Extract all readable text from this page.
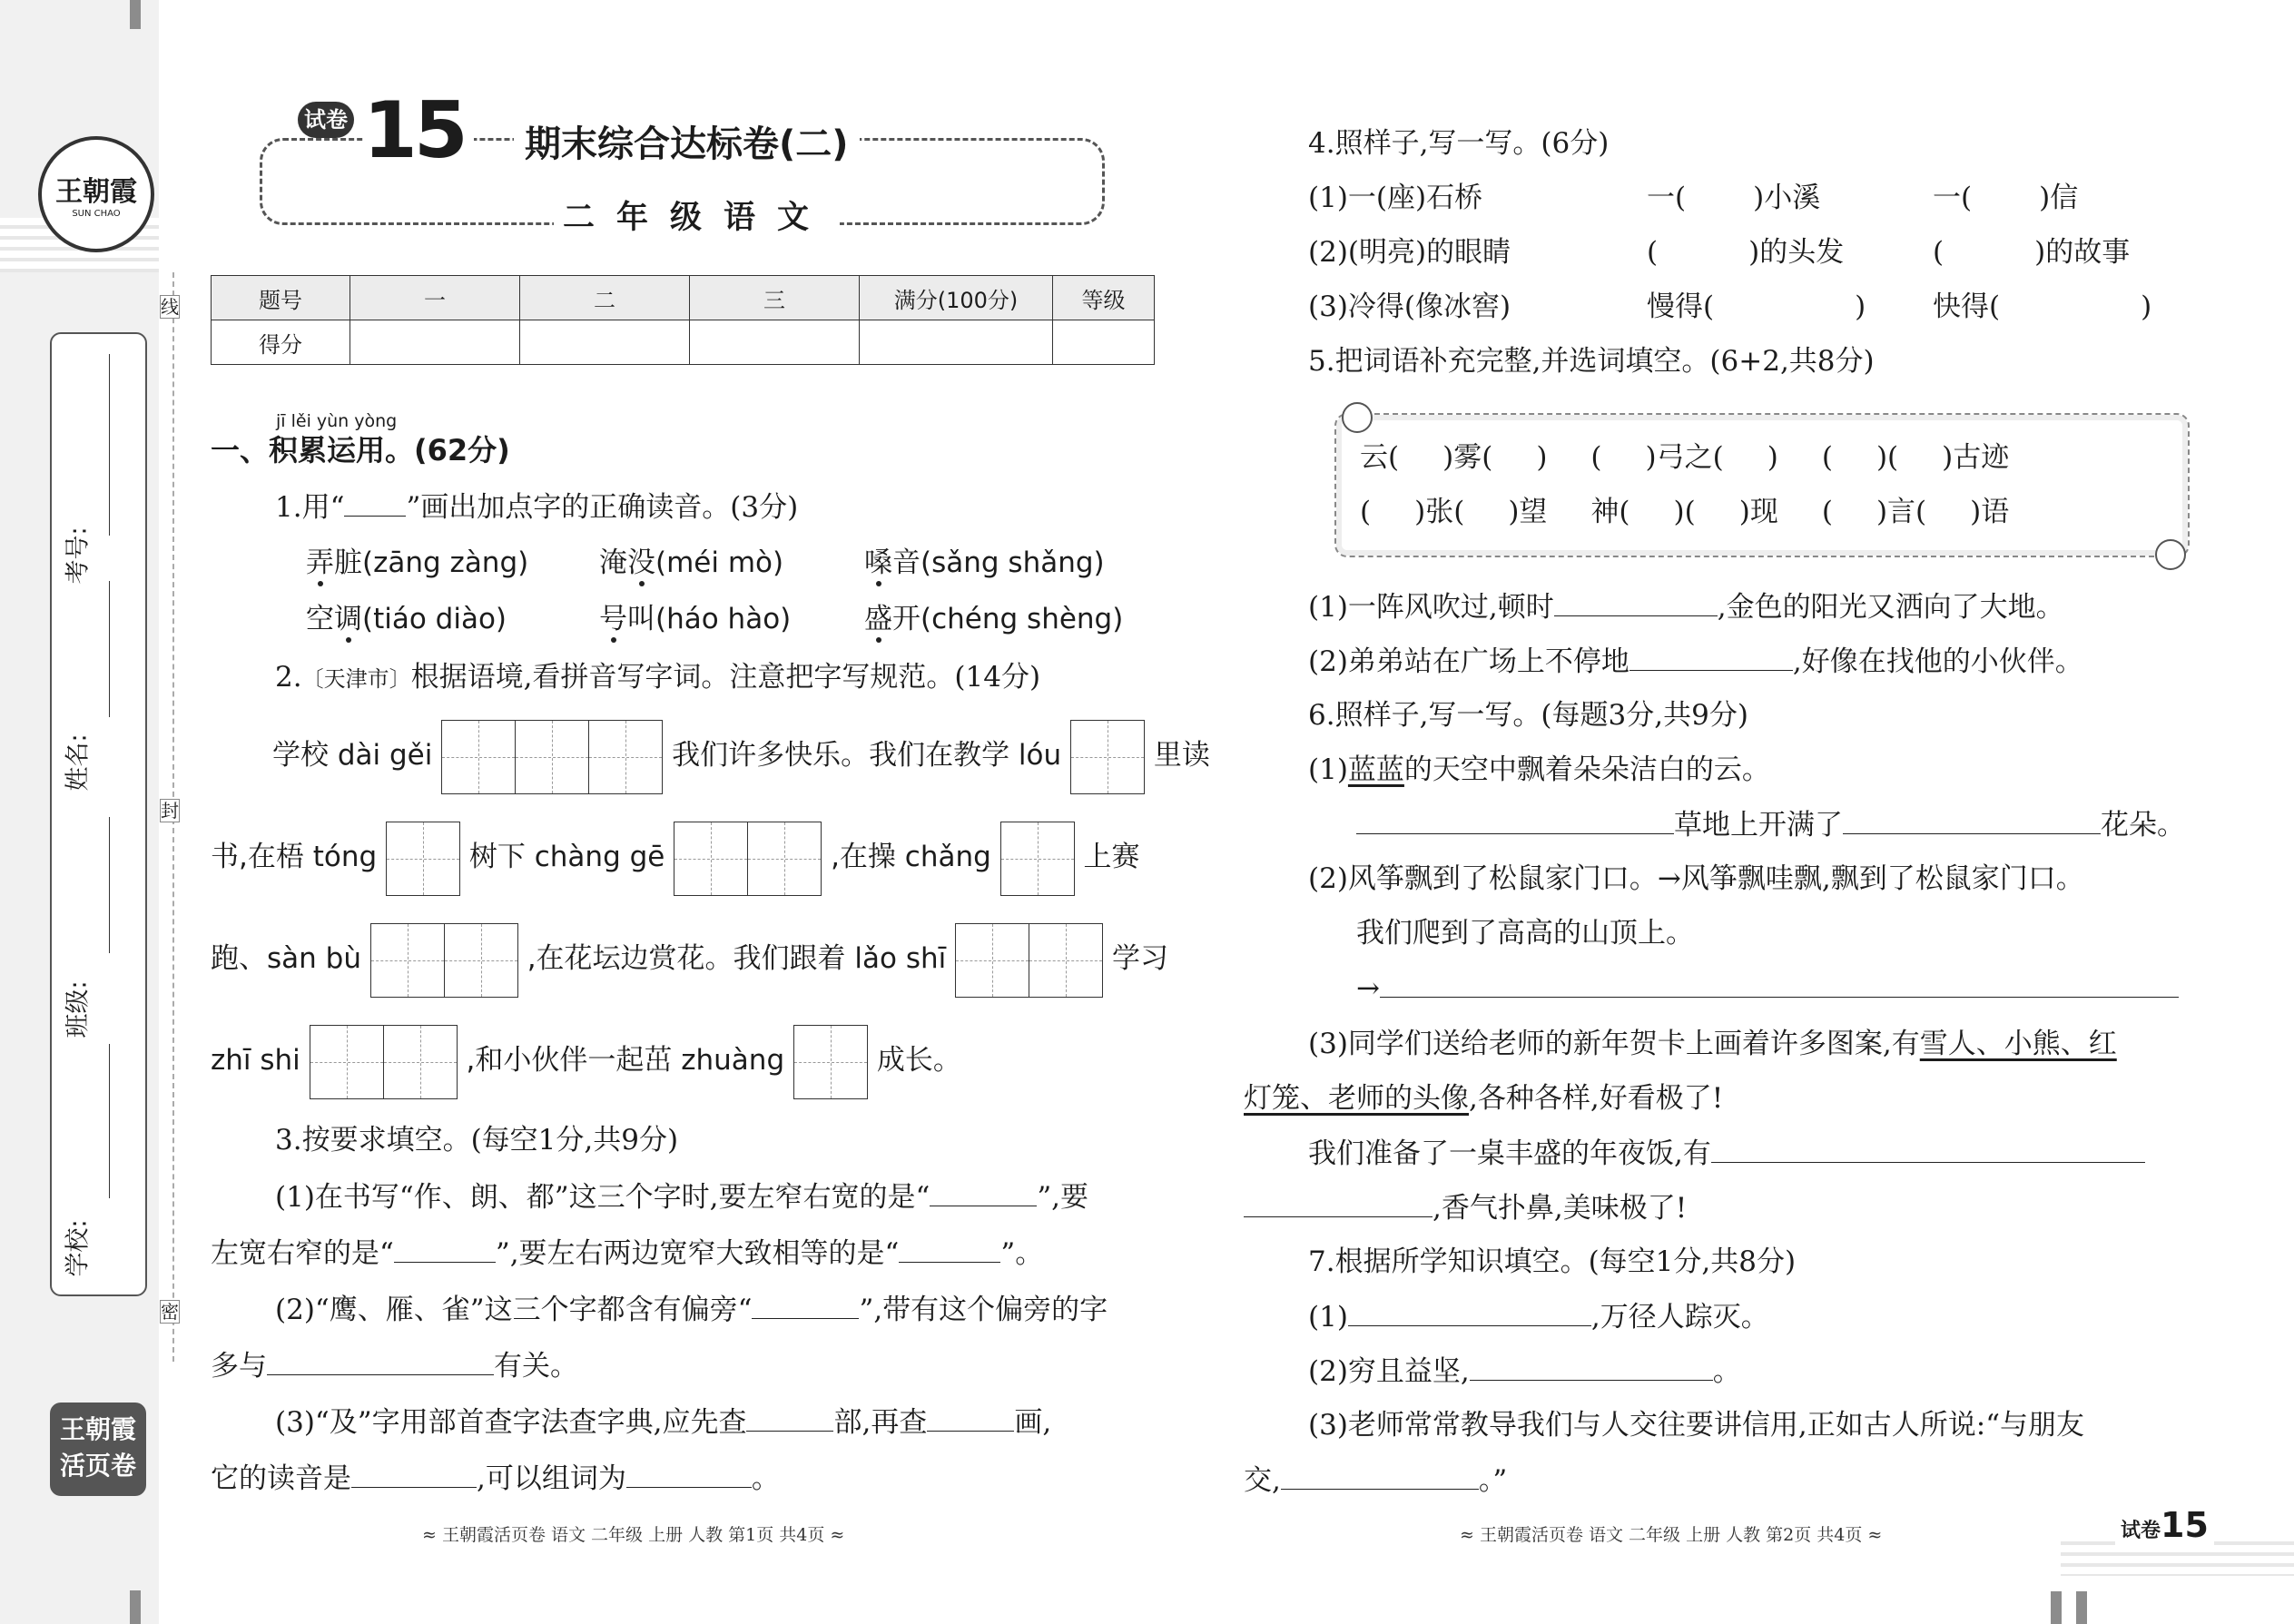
王朝霞
SUN CHAO
考号:
姓名:
班级:
学校:
线
封
密
王朝霞
活页卷
试卷 15	期末综合达标卷(二)
二年级语文
题号	一	二	三	满分(100分)	等级
得分					
jī lěi yùn yòng
一、积累运用。(62分)
1.用“ ”画出加点字的正确读音。(3分)
弄脏(zāng zàng)	淹没(méi mò)	嗓音(sǎng shǎng)
空调(tiáo diào)	号叫(háo hào)	盛开(chéng shèng)
2.〔天津市〕根据语境,看拼音写字词。注意把字写规范。(14分)
学校 dài gěi	我们许多快乐。我们在教学 lóu	里读
书,在梧 tóng	树下 chàng gē	,在操 chǎng	上赛
跑、sàn bù	,在花坛边赏花。我们跟着 lǎo shī	学习
zhī shi	,和小伙伴一起茁 zhuàng	成长。
3.按要求填空。(每空1分,共9分)
(1)在书写“作、朗、都”这三个字时,要左窄右宽的是“	”,要
左宽右窄的是“	”,要左右两边宽窄大致相等的是“	”。
(2)“鹰、雁、雀”这三个字都含有偏旁“	”,带有这个偏旁的字
多与	有关。
(3)“及”字用部首查字法查字典,应先查	部,再查	画,
它的读音是	,可以组词为	。
≈ 王朝霞活页卷 语文 二年级 上册 人教 第1页 共4页 ≈
4.照样子,写一写。(6分)
(1)一(座)石桥	一( )小溪	一( )信
(2)(明亮)的眼睛	(	)的头发	(	)的故事
(3)冷得(像冰窖)	慢得(	) 快得(	)
5.把词语补充完整,并选词填空。(6+2,共8分)
云( )雾( ) ( )弓之( ) ( )( )古迹
( )张( )望 神( )( )现 ( )言( )语
(1)一阵风吹过,顿时	,金色的阳光又洒向了大地。
(2)弟弟站在广场上不停地	,好像在找他的小伙伴。
6.照样子,写一写。(每题3分,共9分)
(1)蓝蓝的天空中飘着朵朵洁白的云。
草地上开满了	花朵。
(2)风筝飘到了松鼠家门口。→风筝飘哇飘,飘到了松鼠家门口。
我们爬到了高高的山顶上。
→
(3)同学们送给老师的新年贺卡上画着许多图案,有雪人、小熊、红
灯笼、老师的头像,各种各样,好看极了!
我们准备了一桌丰盛的年夜饭,有
,香气扑鼻,美味极了!
7.根据所学知识填空。(每空1分,共8分)
(1)	,万径人踪灭。
(2)穷且益坚,	。
(3)老师常常教导我们与人交往要讲信用,正如古人所说:“与朋友
交,	。”
≈ 王朝霞活页卷 语文 二年级 上册 人教 第2页 共4页 ≈	试卷15
